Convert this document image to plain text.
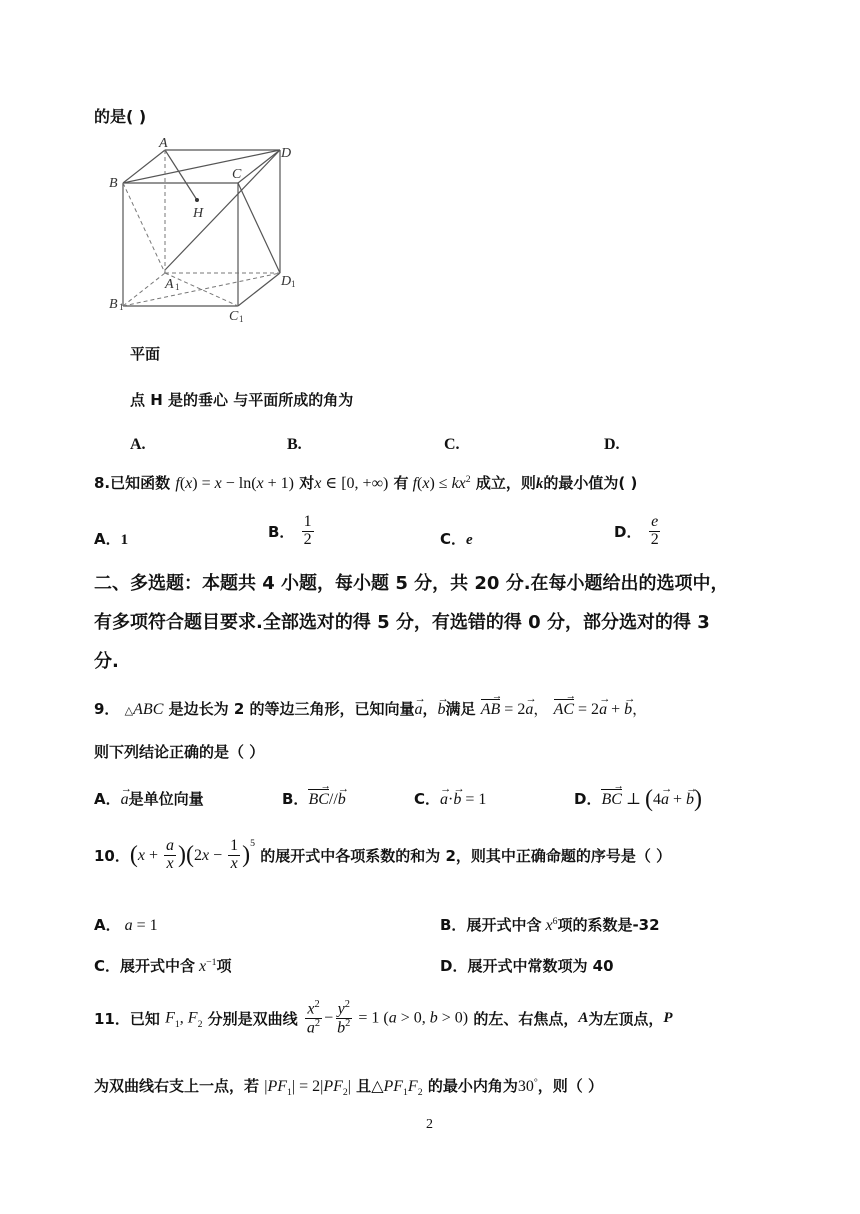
的是( )
A
B
C
D
H
A
B
C
D
1
1
1
1
平面
点 H 是的垂心 与平面所成的角为
A.	B.	C.	D.
8.已知函数 f(x) = x − ln(x + 1) 对x ∈ [0, +∞) 有 $f(x) \le kx^2$ 成立，则k的最小值为( )
A．1	B． $\frac{1}{2}$	C．e	D． $\frac{e}{2}$
二、多选题：本题共 4 小题，每小题 5 分，共 20 分.在每小题给出的选项中，
有多项符合题目要求.全部选对的得 5 分，有选错的得 0 分，部分选对的得 3
分.
9． △ABC 是边长为 2 的等边三角形，已知向量→ a，→ b满足 AB → = 2→ a， AC → = 2→ a + → b，
则下列结论正确的是（ ）
A．→ a是单位向量	B．BC →//→ b	C．→ a·→ b = 1	D．BC → ⊥ (4→ a + → b)
10．$(x + \frac{a}{x} )(2x - \frac{1}{x} )^5$ 的展开式中各项系数的和为 2，则其中正确命题的序号是（ ）
A． a = 1	B．展开式中含 $x^6$项的系数是-32
C．展开式中含 $x^{-1}$项	D．展开式中常数项为 40
11．已知 $F_1$, $F_2$ 分别是双曲线 $\frac{x^2}{a^2} - \frac{y^2}{b^2} = 1$ (a > 0, b > 0) 的左、右焦点，A为左顶点，P
为双曲线右支上一点，若 $|PF_1| = 2|PF_2|$ 且$\triangle PF_1F_2$ 的最小内角为30°，则（ ）
2
